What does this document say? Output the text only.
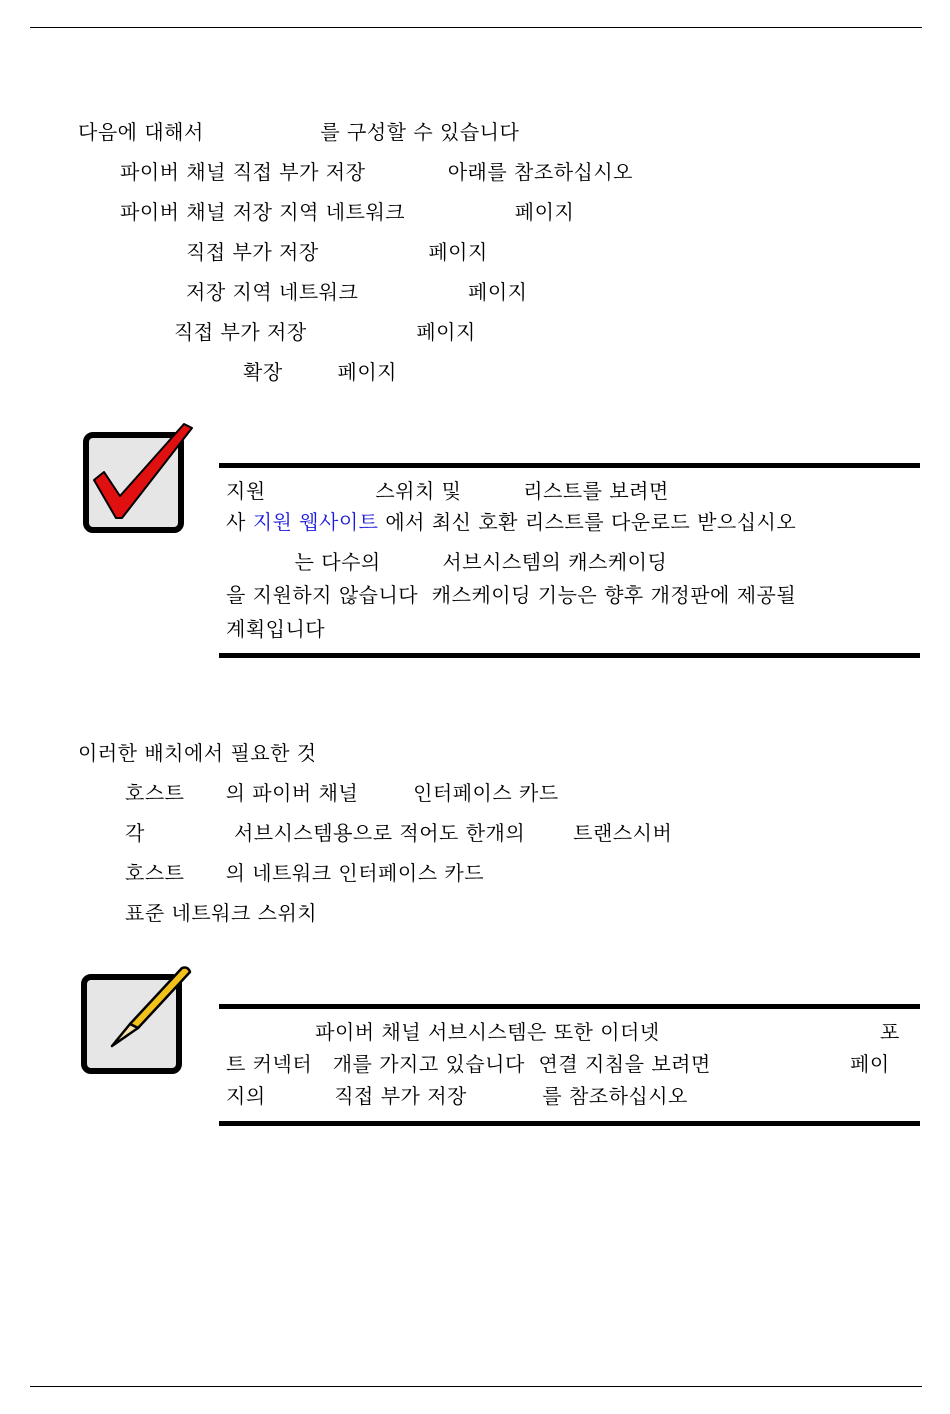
다음에 대해서                 를 구성할 수 있습니다
파이버 채널 직접 부가 저장            아래를 참조하십시오
파이버 채널 저장 지역 네트워크                페이지
직접 부가 저장                페이지
저장 지역 네트워크                페이지
직접 부가 저장                페이지
확장        페이지
지원                스위치 및         리스트를 보려면
사 지원 웹사이트 에서 최신 호환 리스트를 다운로드 받으십시오
는 다수의         서브시스템의 캐스케이딩
을 지원하지 않습니다  캐스케이딩 기능은 향후 개정판에 제공될
계획입니다
이러한 배치에서 필요한 것
호스트      의 파이버 채널        인터페이스 카드
각             서브시스템용으로 적어도 한개의       트랜스시버
호스트      의 네트워크 인터페이스 카드
표준 네트워크 스위치
파이버 채널 서브시스템은 또한 이더넷	포
트 커넥터   개를 가지고 있습니다  연결 지침을 보려면	페이
지의          직접 부가 저장           를 참조하십시오
